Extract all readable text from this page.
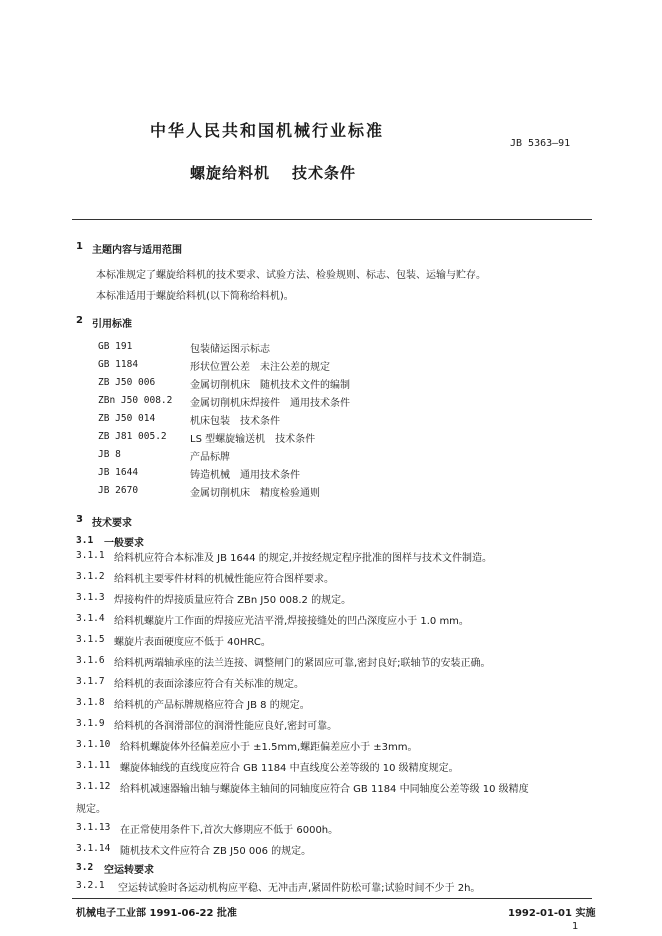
中华人民共和国机械行业标准
JB 5363—91
螺旋给料机 技术条件
1 主题内容与适用范围
本标准规定了螺旋给料机的技术要求、试验方法、检验规则、标志、包装、运输与贮存。
本标准适用于螺旋给料机(以下简称给料机)。
2 引用标准
GB 191	包装储运图示标志
GB 1184	形状位置公差　未注公差的规定
ZB J50 006	金属切削机床　随机技术文件的编制
ZBn J50 008.2 金属切削机床焊接件　通用技术条件
ZB J50 014	机床包装　技术条件
ZB J81 005.2 LS 型螺旋输送机　技术条件
JB 8	产品标牌
JB 1644	铸造机械　通用技术条件
JB 2670	金属切削机床　精度检验通则
3 技术要求
3.1 一般要求
3.1.1 给料机应符合本标准及 JB 1644 的规定,并按经规定程序批准的图样与技术文件制造。
3.1.2 给料机主要零件材料的机械性能应符合图样要求。
3.1.3 焊接构件的焊接质量应符合 ZBn J50 008.2 的规定。
3.1.4 给料机螺旋片工作面的焊接应光洁平滑,焊接接缝处的凹凸深度应小于 1.0 mm。
3.1.5 螺旋片表面硬度应不低于 40HRC。
3.1.6 给料机两端轴承座的法兰连接、调整闸门的紧固应可靠,密封良好;联轴节的安装正确。
3.1.7 给料机的表面涂漆应符合有关标准的规定。
3.1.8 给料机的产品标牌规格应符合 JB 8 的规定。
3.1.9 给料机的各润滑部位的润滑性能应良好,密封可靠。
3.1.10 给料机螺旋体外径偏差应小于 ±1.5mm,螺距偏差应小于 ±3mm。
3.1.11 螺旋体轴线的直线度应符合 GB 1184 中直线度公差等级的 10 级精度规定。
3.1.12 给料机减速器输出轴与螺旋体主轴间的同轴度应符合 GB 1184 中同轴度公差等级 10 级精度
规定。
3.1.13 在正常使用条件下,首次大修期应不低于 6000h。
3.1.14 随机技术文件应符合 ZB J50 006 的规定。
3.2 空运转要求
3.2.1 空运转试验时各运动机构应平稳、无冲击声,紧固件防松可靠;试验时间不少于 2h。
机械电子工业部 1991-06-22 批准	1992-01-01 实施
1
